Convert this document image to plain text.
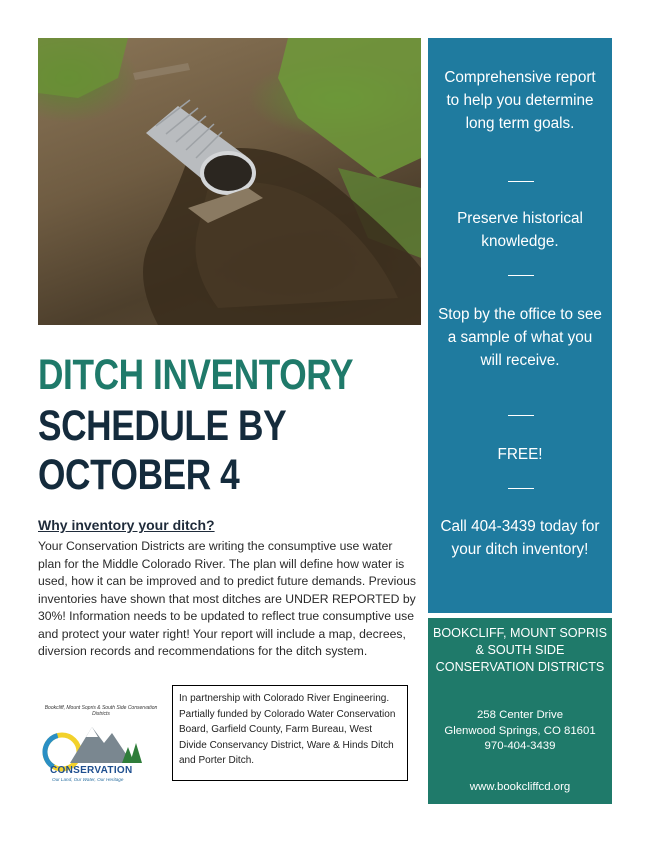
DITCH INVENTORY
SCHEDULE BY
OCTOBER 4
Why inventory your ditch?
Your Conservation Districts are writing the consumptive use water plan for the Middle Colorado River. The plan will define how water is used, how it can be improved and to predict future demands. Previous inventories have shown that most ditches are UNDER REPORTED by 30%! Information needs to be updated to reflect true consumptive use and protect your water right! Your report will include a map, decrees, diversion records and recommendations for the ditch system.
Bookcliff, Mount Sopris & South Side Conservation Districts
CONSERVATION
Our Land, Our Water, Our Heritage
In partnership with Colorado River Engineering. Partially funded by Colorado Water Conservation Board, Garfield County, Farm Bureau, West Divide Conservancy District, Ware & Hinds Ditch and Porter Ditch.
Comprehensive report to help you determine long term goals.
Preserve historical knowledge.
Stop by the office to see a sample of what you will receive.
FREE!
Call 404-3439 today for your ditch inventory!
BOOKCLIFF, MOUNT SOPRIS & SOUTH SIDE CONSERVATION DISTRICTS
258 Center Drive
Glenwood Springs, CO 81601
970-404-3439
www.bookcliffcd.org
